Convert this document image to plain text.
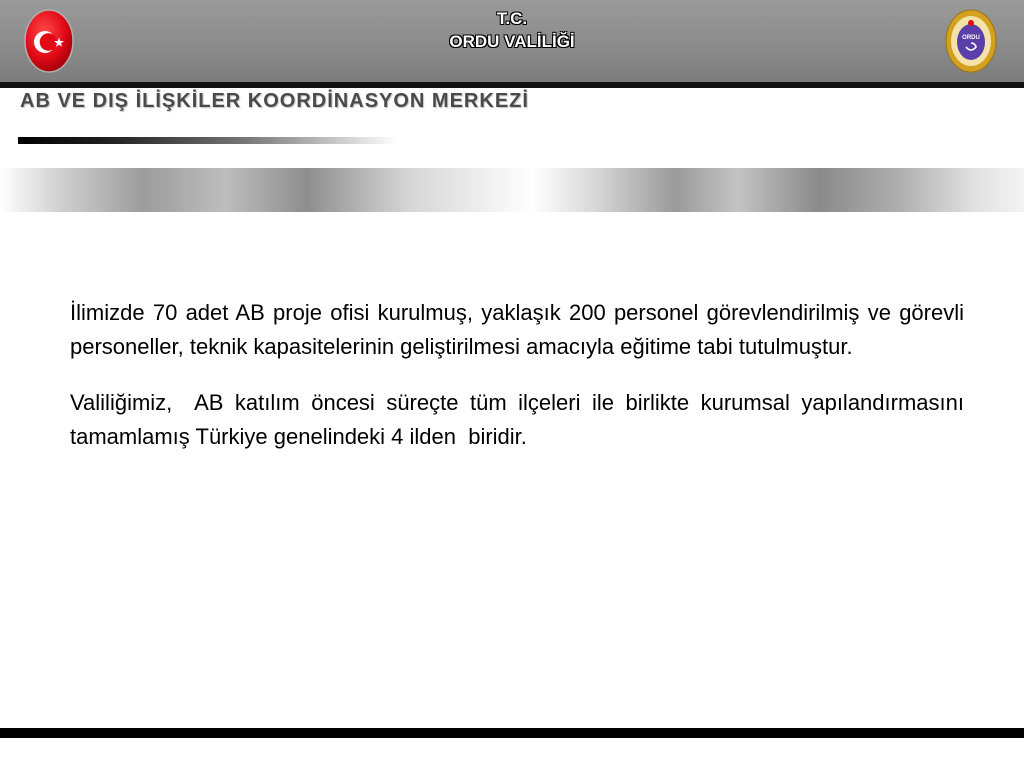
T.C.
ORDU VALİLİĞİ	ORDU
AB VE DIŞ İLİŞKİLER KOORDİNASYON MERKEZİ

İlimizde 70 adet AB proje ofisi kurulmuş, yaklaşık 200 personel görevlendirilmiş ve görevli personeller, teknik kapasitelerinin geliştirilmesi amacıyla eğitime tabi tutulmuştur.

Valiliğimiz,  AB katılım öncesi süreçte tüm ilçeleri ile birlikte kurumsal yapılandırmasını tamamlamış Türkiye genelindeki 4 ilden  biridir.
